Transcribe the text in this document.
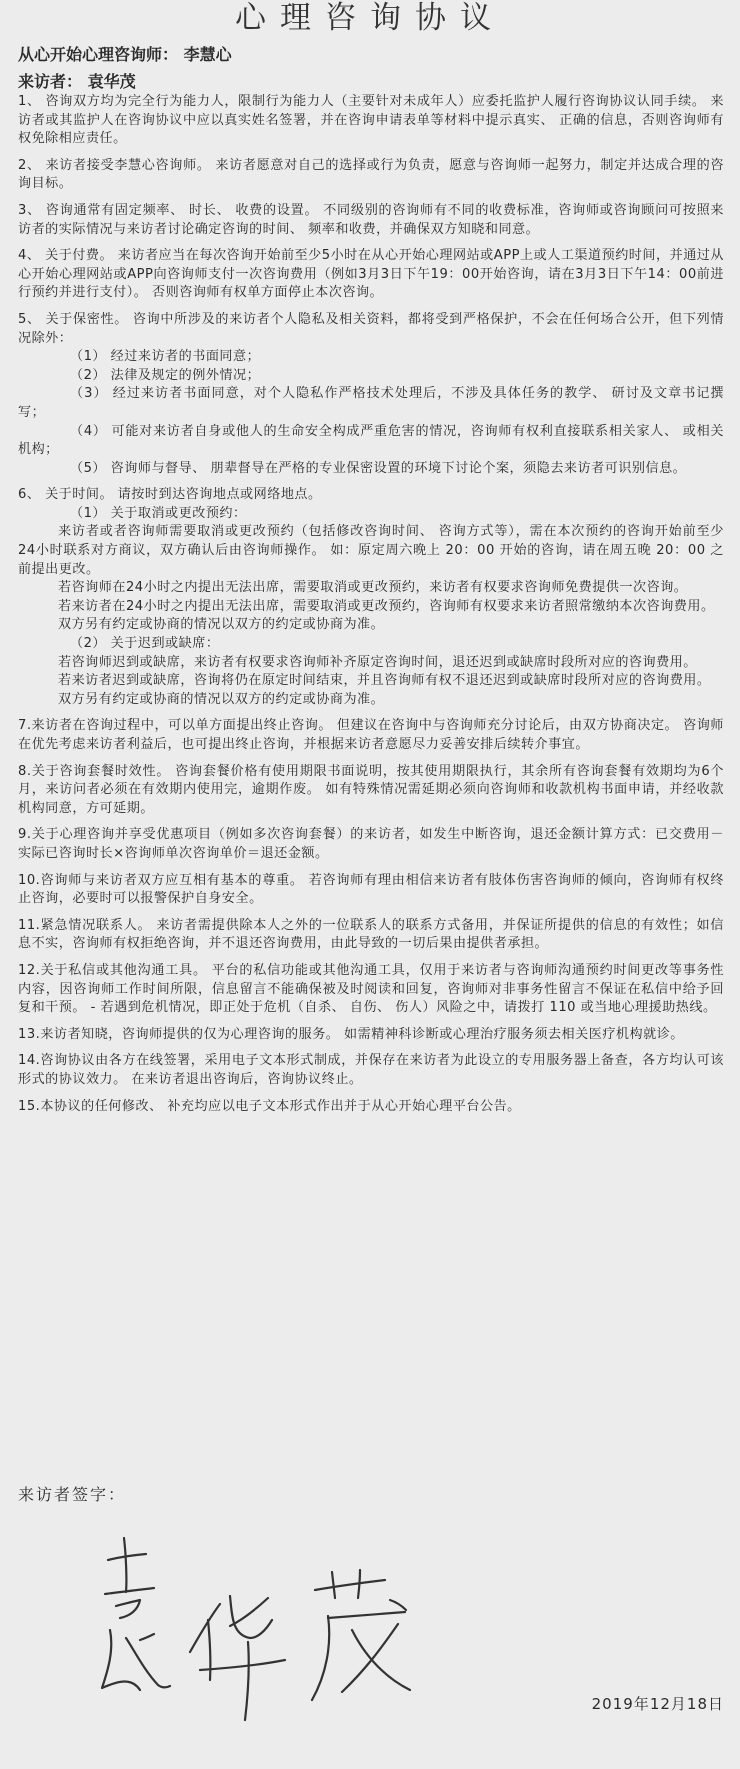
心理咨询协议
从心开始心理咨询师： 李慧心
来访者： 袁华茂

1、 咨询双方均为完全行为能力人，限制行为能力人（主要针对未成年人）应委托监护人履行咨询协议认同手续。 来访者或其监护人在咨询协议中应以真实姓名签署，并在咨询申请表单等材料中提示真实、 正确的信息，否则咨询师有权免除相应责任。

2、 来访者接受李慧心咨询师。 来访者愿意对自己的选择或行为负责，愿意与咨询师一起努力，制定并达成合理的咨询目标。

3、 咨询通常有固定频率、 时长、 收费的设置。 不同级别的咨询师有不同的收费标准，咨询师或咨询顾问可按照来访者的实际情况与来访者讨论确定咨询的时间、 频率和收费，并确保双方知晓和同意。

4、 关于付费。 来访者应当在每次咨询开始前至少5小时在从心开始心理网站或APP上或人工渠道预约时间，并通过从心开始心理网站或APP向咨询师支付一次咨询费用（例如3月3日下午19：00开始咨询，请在3月3日下午14：00前进行预约并进行支付）。 否则咨询师有权单方面停止本次咨询。

5、 关于保密性。 咨询中所涉及的来访者个人隐私及相关资料，都将受到严格保护，不会在任何场合公开，但下列情况除外：

（1） 经过来访者的书面同意；

（2） 法律及规定的例外情况；

（3） 经过来访者书面同意，对个人隐私作严格技术处理后，不涉及具体任务的教学、 研讨及文章书记撰写；

（4） 可能对来访者自身或他人的生命安全构成严重危害的情况，咨询师有权利直接联系相关家人、 或相关机构；

（5） 咨询师与督导、 朋辈督导在严格的专业保密设置的环境下讨论个案，须隐去来访者可识别信息。

6、 关于时间。 请按时到达咨询地点或网络地点。

（1） 关于取消或更改预约：

来访者或者咨询师需要取消或更改预约（包括修改咨询时间、 咨询方式等），需在本次预约的咨询开始前至少24小时联系对方商议，双方确认后由咨询师操作。 如：原定周六晚上 20：00 开始的咨询，请在周五晚 20：00 之前提出更改。

若咨询师在24小时之内提出无法出席，需要取消或更改预约，来访者有权要求咨询师免费提供一次咨询。

若来访者在24小时之内提出无法出席，需要取消或更改预约，咨询师有权要求来访者照常缴纳本次咨询费用。

双方另有约定或协商的情况以双方的约定或协商为准。

（2） 关于迟到或缺席：

若咨询师迟到或缺席，来访者有权要求咨询师补齐原定咨询时间，退还迟到或缺席时段所对应的咨询费用。

若来访者迟到或缺席，咨询将仍在原定时间结束，并且咨询师有权不退还迟到或缺席时段所对应的咨询费用。

双方另有约定或协商的情况以双方的约定或协商为准。

7.来访者在咨询过程中，可以单方面提出终止咨询。 但建议在咨询中与咨询师充分讨论后，由双方协商决定。 咨询师在优先考虑来访者利益后，也可提出终止咨询，并根据来访者意愿尽力妥善安排后续转介事宜。

8.关于咨询套餐时效性。 咨询套餐价格有使用期限书面说明，按其使用期限执行，其余所有咨询套餐有效期均为6个月，来访问者必须在有效期内使用完，逾期作废。 如有特殊情况需延期必须向咨询师和收款机构书面申请，并经收款机构同意，方可延期。

9.关于心理咨询并享受优惠项目（例如多次咨询套餐）的来访者，如发生中断咨询，退还金额计算方式：已交费用－实际已咨询时长×咨询师单次咨询单价＝退还金额。

10.咨询师与来访者双方应互相有基本的尊重。 若咨询师有理由相信来访者有肢体伤害咨询师的倾向，咨询师有权终止咨询，必要时可以报警保护自身安全。

11.紧急情况联系人。 来访者需提供除本人之外的一位联系人的联系方式备用，并保证所提供的信息的有效性；如信息不实，咨询师有权拒绝咨询，并不退还咨询费用，由此导致的一切后果由提供者承担。

12.关于私信或其他沟通工具。 平台的私信功能或其他沟通工具，仅用于来访者与咨询师沟通预约时间更改等事务性内容，因咨询师工作时间所限，信息留言不能确保被及时阅读和回复，咨询师对非事务性留言不保证在私信中给予回复和干预。 - 若遇到危机情况，即正处于危机（自杀、 自伤、 伤人）风险之中，请拨打 110 或当地心理援助热线。

13.来访者知晓，咨询师提供的仅为心理咨询的服务。 如需精神科诊断或心理治疗服务须去相关医疗机构就诊。

14.咨询协议由各方在线签署，采用电子文本形式制成，并保存在来访者为此设立的专用服务器上备查，各方均认可该形式的协议效力。 在来访者退出咨询后，咨询协议终止。

15.本协议的任何修改、 补充均应以电子文本形式作出并于从心开始心理平台公告。

来访者签字：
2019年12月18日
